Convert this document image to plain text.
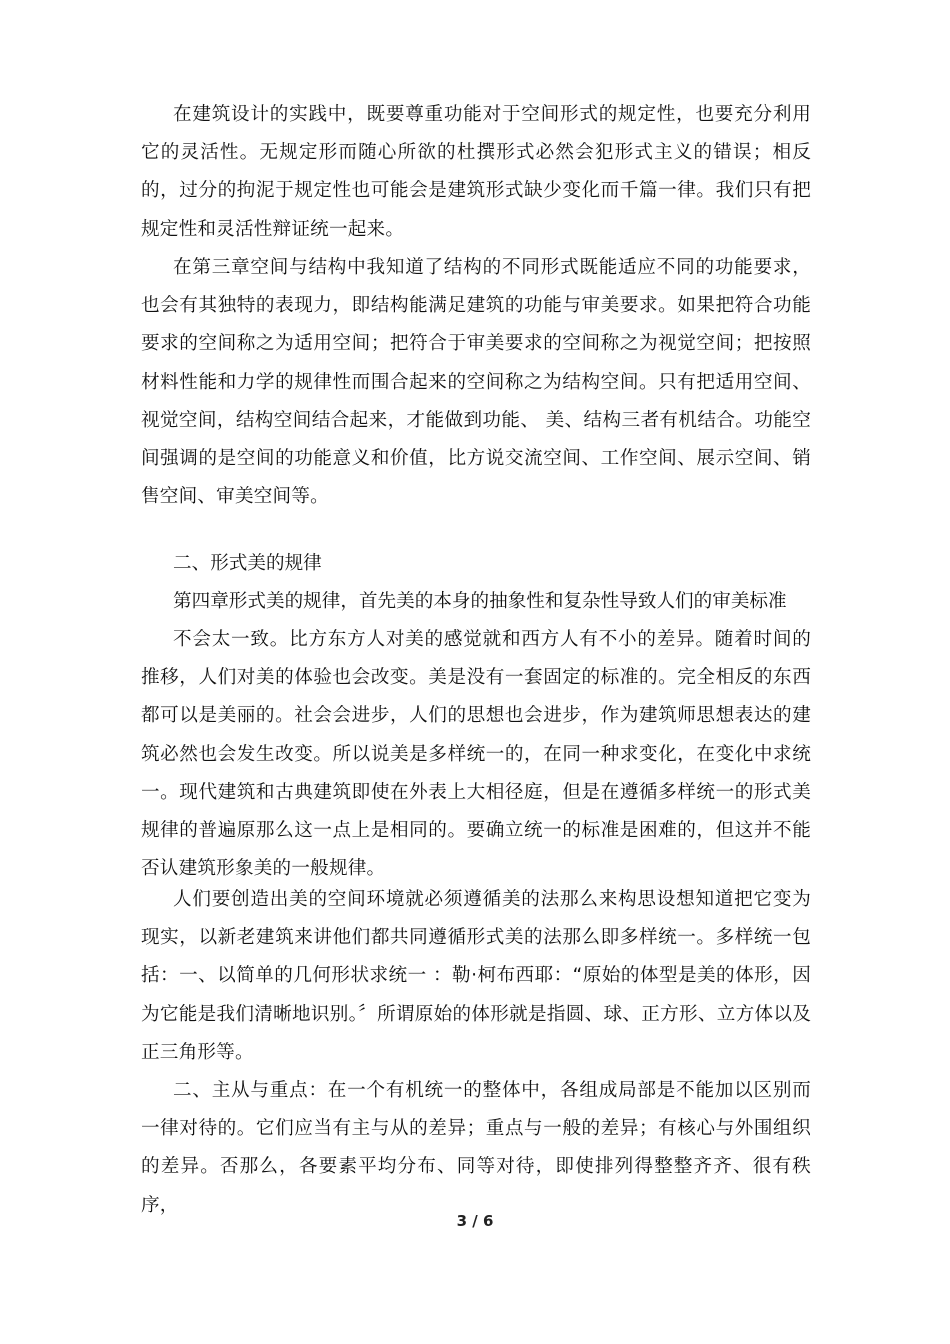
在建筑设计的实践中，既要尊重功能对于空间形式的规定性，也要充分利用它的灵活性。无规定形而随心所欲的杜撰形式必然会犯形式主义的错误；相反的，过分的拘泥于规定性也可能会是建筑形式缺少变化而千篇一律。我们只有把规定性和灵活性辩证统一起来。

在第三章空间与结构中我知道了结构的不同形式既能适应不同的功能要求，也会有其独特的表现力，即结构能满足建筑的功能与审美要求。如果把符合功能要求的空间称之为适用空间；把符合于审美要求的空间称之为视觉空间；把按照材料性能和力学的规律性而围合起来的空间称之为结构空间。只有把适用空间、视觉空间，结构空间结合起来，才能做到功能、 美、结构三者有机结合。功能空间强调的是空间的功能意义和价值，比方说交流空间、工作空间、展示空间、销售空间、审美空间等。

二、形式美的规律

第四章形式美的规律，首先美的本身的抽象性和复杂性导致人们的审美标准

不会太一致。比方东方人对美的感觉就和西方人有不小的差异。随着时间的推移，人们对美的体验也会改变。美是没有一套固定的标准的。完全相反的东西都可以是美丽的。社会会进步，人们的思想也会进步，作为建筑师思想表达的建筑必然也会发生改变。所以说美是多样统一的，在同一种求变化，在变化中求统一。现代建筑和古典建筑即使在外表上大相径庭，但是在遵循多样统一的形式美规律的普遍原那么这一点上是相同的。要确立统一的标准是困难的，但这并不能否认建筑形象美的一般规律。

人们要创造出美的空间环境就必须遵循美的法那么来构思设想知道把它变为现实，以新老建筑来讲他们都共同遵循形式美的法那么即多样统一。多样统一包括：一、以简单的几何形状求统一 ：勒·柯布西耶：“原始的体型是美的体形，因为它能是我们清晰地识别。〞所谓原始的体形就是指圆、球、正方形、立方体以及正三角形等。

二、主从与重点：在一个有机统一的整体中，各组成局部是不能加以区别而一律对待的。它们应当有主与从的差异；重点与一般的差异；有核心与外围组织的差异。否那么，各要素平均分布、同等对待，即使排列得整整齐齐、很有秩序，

3 / 6
